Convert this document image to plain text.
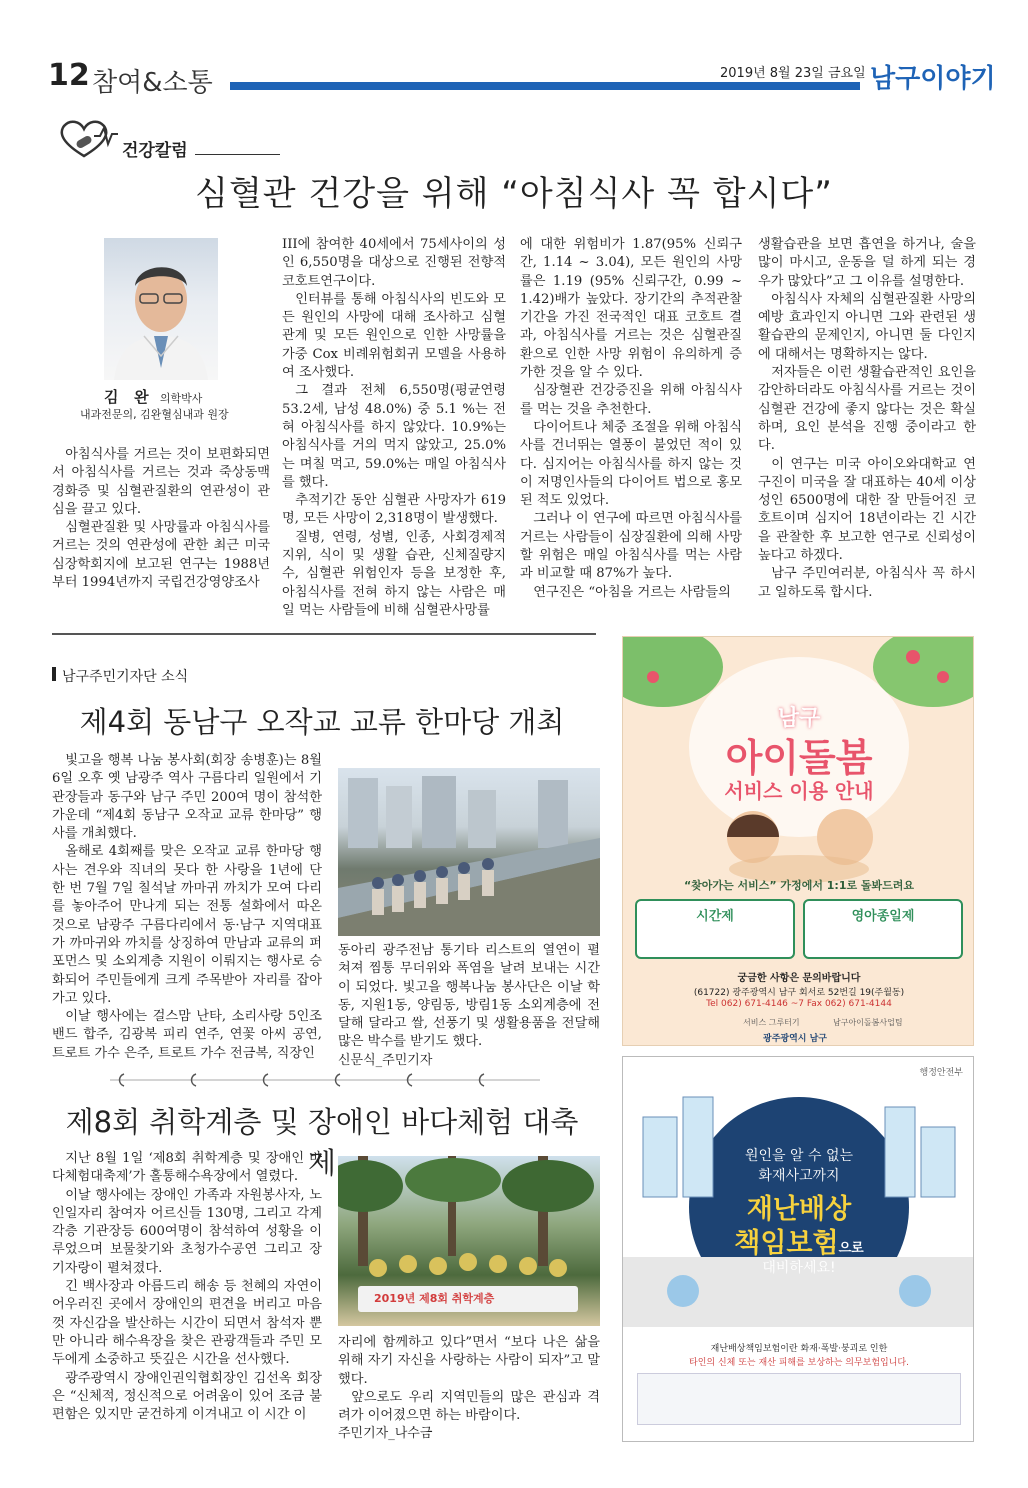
12 참여&소통	2019년 8월 23일 금요일 남구이야기
건강칼럼
심혈관 건강을 위해 “아침식사 꼭 합시다”
김   완 의학박사
내과전문의, 김완혈심내과 원장

아침식사를 거르는 것이 보편화되면서 아침식사를 거르는 것과 죽상동맥경화증 및 심혈관질환의 연관성이 관심을 끌고 있다.

심혈관질환 및 사망률과 아침식사를 거르는 것의 연관성에 관한 최근 미국심장학회지에 보고된 연구는 1988년부터 1994년까지 국립건강영양조사

III에 참여한 40세에서 75세사이의 성인 6,550명을 대상으로 진행된 전향적 코호트연구이다.

인터뷰를 통해 아침식사의 빈도와 모든 원인의 사망에 대해 조사하고 심혈관계 및 모든 원인으로 인한 사망률을 가중 Cox 비례위험회귀 모델을 사용하여 조사했다.

그 결과 전체 6,550명(평균연령 53.2세, 남성 48.0%) 중 5.1 %는 전혀 아침식사를 하지 않았다. 10.9%는 아침식사를 거의 먹지 않았고, 25.0%는 며칠 먹고, 59.0%는 매일 아침식사를 했다.

추적기간 동안 심혈관 사망자가 619명, 모든 사망이 2,318명이 발생했다.

질병, 연령, 성별, 인종, 사회경제적 지위, 식이 및 생활 습관, 신체질량지수, 심혈관 위험인자 등을 보정한 후, 아침식사를 전혀 하지 않는 사람은 매일 먹는 사람들에 비해 심혈관사망률

에 대한 위험비가 1.87(95% 신뢰구간, 1.14 ~ 3.04), 모든 원인의 사망률은 1.19 (95% 신뢰구간, 0.99 ~ 1.42)배가 높았다. 장기간의 추적관찰기간을 가진 전국적인 대표 코호트 결과, 아침식사를 거르는 것은 심혈관질환으로 인한 사망 위험이 유의하게 증가한 것을 알 수 있다.

심장혈관 건강증진을 위해 아침식사를 먹는 것을 추천한다.

다이어트나 체중 조절을 위해 아침식사를 건너뛰는 열풍이 불었던 적이 있다. 심지어는 아침식사를 하지 않는 것이 저명인사들의 다이어트 법으로 홍모된 적도 있었다.

그러나 이 연구에 따르면 아침식사를 거르는 사람들이 심장질환에 의해 사망할 위험은 매일 아침식사를 먹는 사람과 비교할 때 87%가 높다.

연구진은 “아침을 거르는 사람들의

생활습관을 보면 흡연을 하거나, 술을 많이 마시고, 운동을 덜 하게 되는 경우가 많았다”고 그 이유를 설명한다.

아침식사 자체의 심혈관질환 사망의 예방 효과인지 아니면 그와 관련된 생활습관의 문제인지, 아니면 둘 다인지에 대해서는 명확하지는 않다.

저자들은 이런 생활습관적인 요인을 감안하더라도 아침식사를 거르는 것이 심혈관 건강에 좋지 않다는 것은 확실하며, 요인 분석을 진행 중이라고 한다.

이 연구는 미국 아이오와대학교 연구진이 미국을 잘 대표하는 40세 이상 성인 6500명에 대한 잘 만들어진 코호트이며 심지어 18년이라는 긴 시간을 관찰한 후 보고한 연구로 신뢰성이 높다고 하겠다.

남구 주민여러분, 아침식사 꼭 하시고 일하도록 합시다.

남구주민기자단 소식
제4회 동남구 오작교 교류 한마당 개최

빛고을 행복 나눔 봉사회(회장 송병훈)는 8월 6일 오후 옛 남광주 역사 구름다리 일원에서 기관장들과 동구와 남구 주민 200여 명이 참석한 가운데 “제4회 동남구 오작교 교류 한마당” 행사를 개최했다.

올해로 4회째를 맞은 오작교 교류 한마당 행사는 견우와 직녀의 못다 한 사랑을 1년에 단 한 번 7월 7일 칠석날 까마귀 까치가 모여 다리를 놓아주어 만나게 되는 전통 설화에서 따온 것으로 남광주 구름다리에서 동·남구 지역대표가 까마귀와 까치를 상징하여 만남과 교류의 퍼포먼스 및 소외계층 지원이 이뤄지는 행사로 승화되어 주민들에게 크게 주목받아 자리를 잡아가고 있다.

이날 행사에는 걸스맘 난타, 소리사랑 5인조 밴드 합주, 김광복 피리 연주, 연꽃 아씨 공연, 트로트 가수 은주, 트로트 가수 전금복, 직장인

동아리 광주전남 통기타 리스트의 열연이 펼쳐져 찜통 무더위와 폭염을 날려 보내는 시간이 되었다. 빛고을 행복나눔 봉사단은 이날 학동, 지원1동, 양림동, 방림1동 소외계층에 전달해 달라고 쌀, 선풍기 및 생활용품을 전달해 많은 박수를 받기도 했다.

신문식_주민기자

제8회 취학계층 및 장애인 바다체험 대축제

지난 8월 1일 ‘제8회 취학계층 및 장애인 바다체험대축제’가 홀통해수욕장에서 열렸다.

이날 행사에는 장애인 가족과 자원봉사자, 노인일자리 참여자 어르신들 130명, 그리고 각계각층 기관장등 600여명이 참석하여 성황을 이루었으며 보물찾기와 초청가수공연 그리고 장기자랑이 펼쳐졌다.

긴 백사장과 아름드리 해송 등 천혜의 자연이 어우러진 곳에서 장애인의 편견을 버리고 마음껏 자신감을 발산하는 시간이 되면서 참석자 뿐 만 아니라 해수욕장을 찾은 관광객들과 주민 모두에게 소중하고 뜻깊은 시간을 선사했다.

광주광역시 장애인권익협회장인 김선옥 회장은 “신체적, 정신적으로 어려움이 있어 조금 불편함은 있지만 굳건하게 이겨내고 이 시간 이

2019년 제8회 취학계층

자리에 함께하고 있다”면서 “보다 나은 삶을 위해 자기 자신을 사랑하는 사람이 되자”고 말했다.

앞으로도 우리 지역민들의 많은 관심과 격려가 이어졌으면 하는 바람이다.

주민기자_나수금

남구
아이돌봄
서비스 이용 안내
“찾아가는 서비스” 가정에서 1:1로 돌봐드려요
시간제	영아종일제
궁금한 사항은 문의바랍니다
(61722) 광주광역시 남구 회서로 52번길 19(주월동)
Tel 062) 671-4146 ~7 Fax 062) 671-4144
서비스 그루터기	남구아이돌봄사업팀
광주광역시 남구
행정안전부
원인을 알 수 없는
화재사고까지
재난배상
책임보험으로
대비하세요!
재난배상책임보험이란 화재·폭발·붕괴로 인한
타인의 신체 또는 재산 피해를 보상하는 의무보험입니다.
